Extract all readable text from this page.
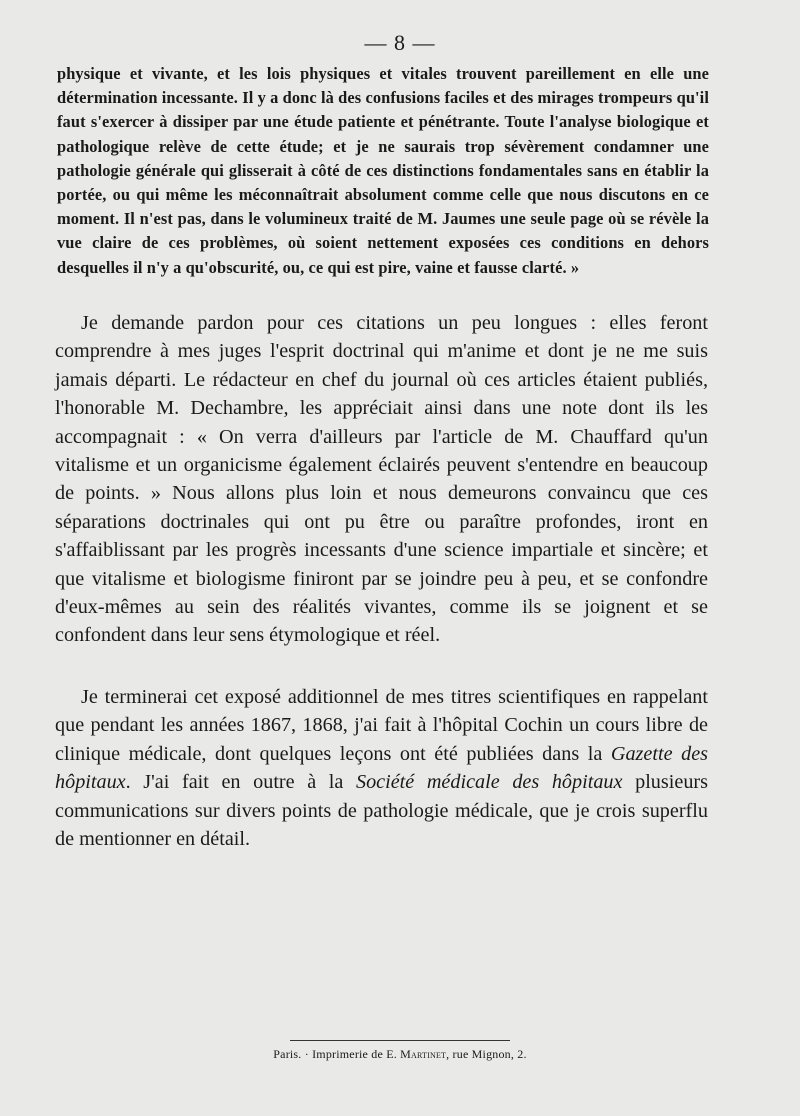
— 8 —

physique et vivante, et les lois physiques et vitales trouvent pareillement en elle une détermination incessante. Il y a donc là des confusions faciles et des mirages trompeurs qu'il faut s'exercer à dissiper par une étude patiente et pénétrante. Toute l'analyse biologique et pathologique relève de cette étude; et je ne saurais trop sévèrement condamner une pathologie générale qui glisserait à côté de ces distinctions fondamentales sans en établir la portée, ou qui même les méconnaîtrait absolument comme celle que nous discutons en ce moment. Il n'est pas, dans le volumineux traité de M. Jaumes une seule page où se révèle la vue claire de ces problèmes, où soient nettement exposées ces conditions en dehors desquelles il n'y a qu'obscurité, ou, ce qui est pire, vaine et fausse clarté. »

Je demande pardon pour ces citations un peu longues : elles feront comprendre à mes juges l'esprit doctrinal qui m'anime et dont je ne me suis jamais départi. Le rédacteur en chef du journal où ces articles étaient publiés, l'honorable M. Dechambre, les appréciait ainsi dans une note dont ils les accompagnait : « On verra d'ailleurs par l'article de M. Chauffard qu'un vitalisme et un organicisme également éclairés peuvent s'entendre en beaucoup de points. » Nous allons plus loin et nous demeurons convaincu que ces séparations doctrinales qui ont pu être ou paraître profondes, iront en s'affaiblissant par les progrès incessants d'une science impartiale et sincère; et que vitalisme et biologisme finiront par se joindre peu à peu, et se confondre d'eux-mêmes au sein des réalités vivantes, comme ils se joignent et se confondent dans leur sens étymologique et réel.

Je terminerai cet exposé additionnel de mes titres scientifiques en rappelant que pendant les années 1867, 1868, j'ai fait à l'hôpital Cochin un cours libre de clinique médicale, dont quelques leçons ont été publiées dans la Gazette des hôpitaux. J'ai fait en outre à la Société médicale des hôpitaux plusieurs communications sur divers points de pathologie médicale, que je crois superflu de mentionner en détail.

Paris. · Imprimerie de E. Martinet, rue Mignon, 2.
